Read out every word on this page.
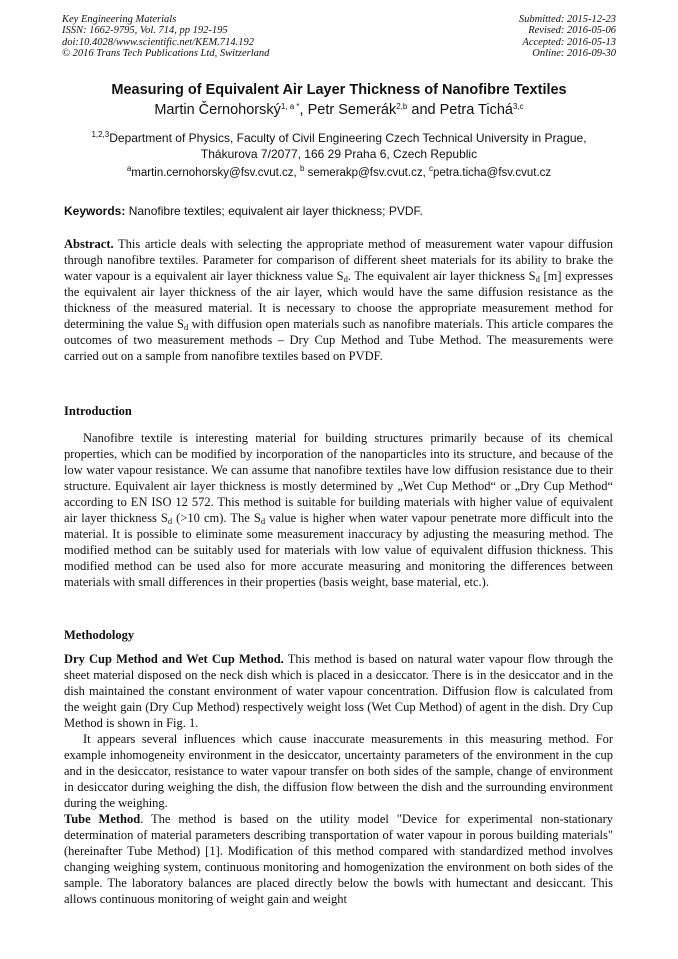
Key Engineering Materials
ISSN: 1662-9795, Vol. 714, pp 192-195
doi:10.4028/www.scientific.net/KEM.714.192
© 2016 Trans Tech Publications Ltd, Switzerland
Submitted: 2015-12-23
Revised: 2016-05-06
Accepted: 2016-05-13
Online: 2016-09-30
Measuring of Equivalent Air Layer Thickness of Nanofibre Textiles
Martin Černohorský$^{1, a *}$, Petr Semerák$^{2,b}$ and Petra Tichá$^{3,c}$
$^{1,2,3}$Department of Physics, Faculty of Civil Engineering Czech Technical University in Prague,
Thákurova 7/2077, 166 29 Praha 6, Czech Republic
$^a$martin.cernohorsky@fsv.cvut.cz, $^b$ semerakp@fsv.cvut.cz, $^c$petra.ticha@fsv.cvut.cz
Keywords: Nanofibre textiles; equivalent air layer thickness; PVDF.

Abstract. This article deals with selecting the appropriate method of measurement water vapour diffusion through nanofibre textiles. Parameter for comparison of different sheet materials for its ability to brake the water vapour is a equivalent air layer thickness value $S_d$. The equivalent air layer thickness $S_d$ [m] expresses the equivalent air layer thickness of the air layer, which would have the same diffusion resistance as the thickness of the measured material. It is necessary to choose the appropriate measurement method for determining the value $S_d$ with diffusion open materials such as nanofibre materials. This article compares the outcomes of two measurement methods – Dry Cup Method and Tube Method. The measurements were carried out on a sample from nanofibre textiles based on PVDF.

Introduction

Nanofibre textile is interesting material for building structures primarily because of its chemical properties, which can be modified by incorporation of the nanoparticles into its structure, and because of the low water vapour resistance. We can assume that nanofibre textiles have low diffusion resistance due to their structure. Equivalent air layer thickness is mostly determined by „Wet Cup Method“ or „Dry Cup Method“ according to EN ISO 12 572. This method is suitable for building materials with higher value of equivalent air layer thickness $S_d$ (>10 cm). The $S_d$ value is higher when water vapour penetrate more difficult into the material. It is possible to eliminate some measurement inaccuracy by adjusting the measuring method. The modified method can be suitably used for materials with low value of equivalent diffusion thickness. This modified method can be used also for more accurate measuring and monitoring the differences between materials with small differences in their properties (basis weight, base material, etc.).

Methodology

Dry Cup Method and Wet Cup Method. This method is based on natural water vapour flow through the sheet material disposed on the neck dish which is placed in a desiccator. There is in the desiccator and in the dish maintained the constant environment of water vapour concentration. Diffusion flow is calculated from the weight gain (Dry Cup Method) respectively weight loss (Wet Cup Method) of agent in the dish. Dry Cup Method is shown in Fig. 1.

It appears several influences which cause inaccurate measurements in this measuring method. For example inhomogeneity environment in the desiccator, uncertainty parameters of the environment in the cup and in the desiccator, resistance to water vapour transfer on both sides of the sample, change of environment in desiccator during weighing the dish, the diffusion flow between the dish and the surrounding environment during the weighing.

Tube Method. The method is based on the utility model "Device for experimental non-stationary determination of material parameters describing transportation of water vapour in porous building materials" (hereinafter Tube Method) [1]. Modification of this method compared with standardized method involves changing weighing system, continuous monitoring and homogenization the environment on both sides of the sample. The laboratory balances are placed directly below the bowls with humectant and desiccant. This allows continuous monitoring of weight gain and weight
